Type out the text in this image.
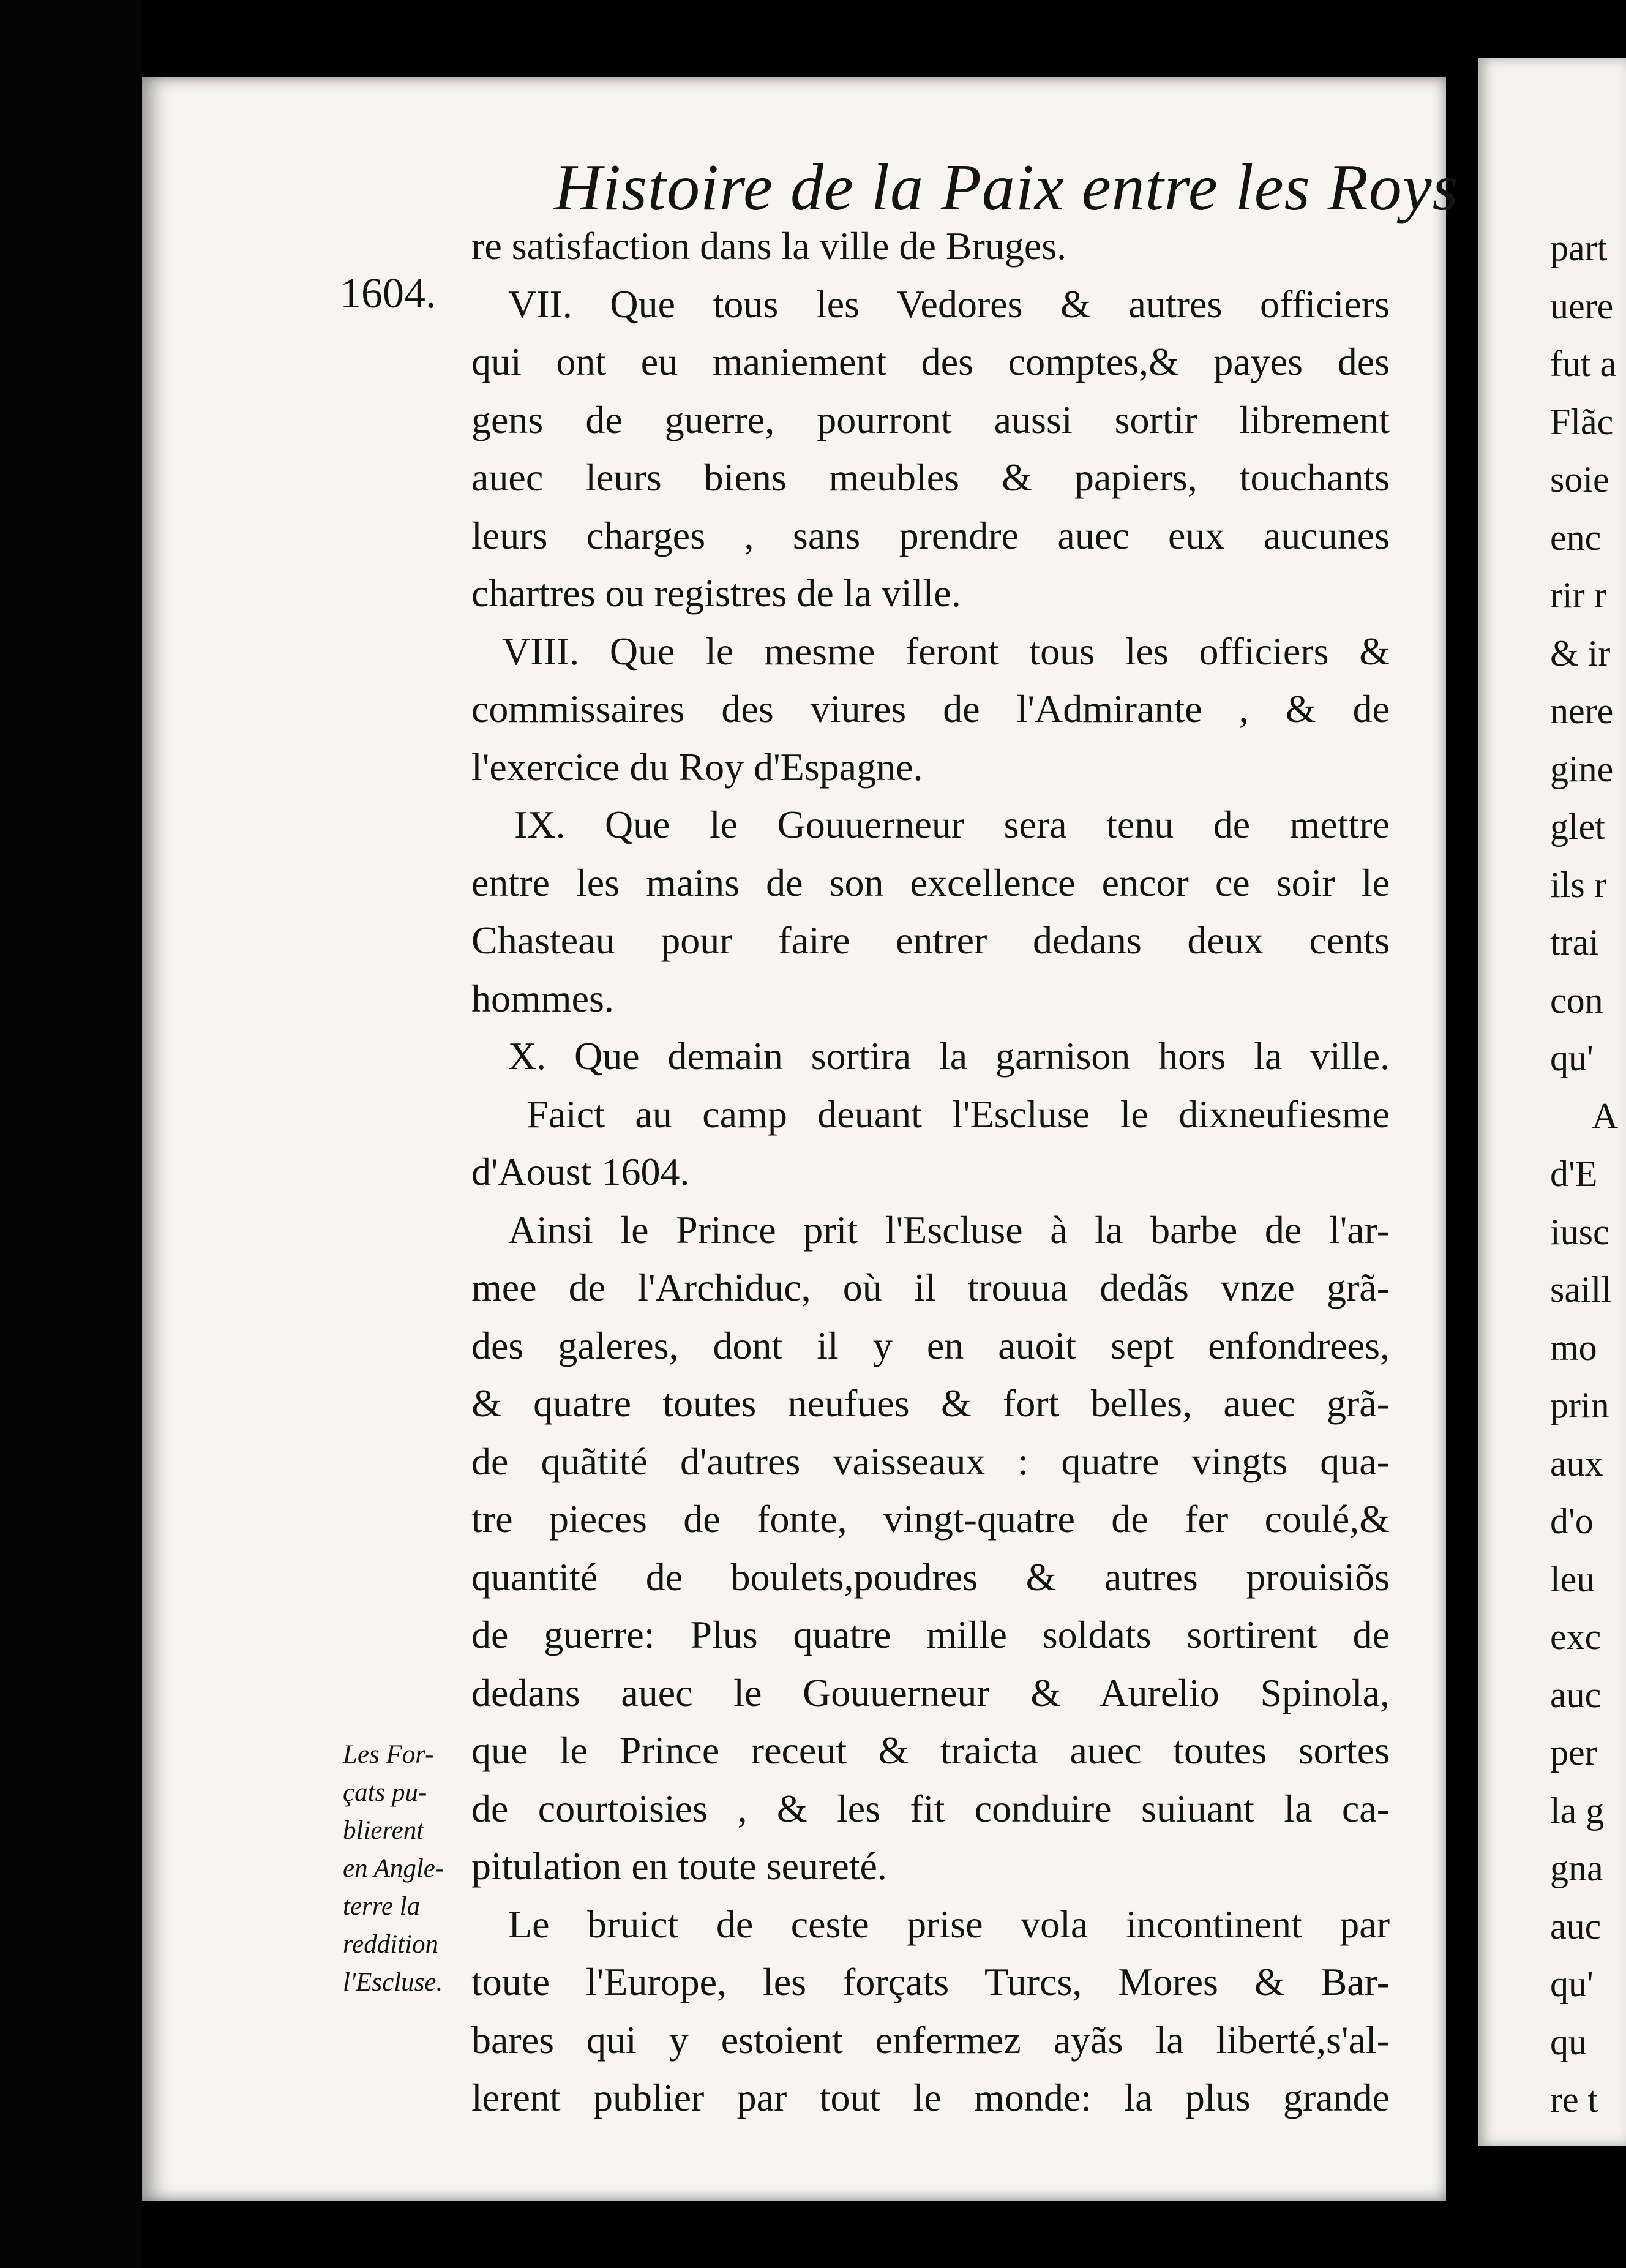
Histoire de la Paix entre les Roys
1604.
re satisfaction dans la ville de Bruges.
VII. Que tous les Vedores & autres officiers
qui ont eu maniement des comptes,& payes des
gens de guerre, pourront aussi sortir librement
auec leurs biens meubles & papiers, touchants
leurs charges , sans prendre auec eux aucunes
chartres ou registres de la ville.
VIII. Que le mesme feront tous les officiers &
commissaires des viures de l'Admirante , & de
l'exercice du Roy d'Espagne.
IX. Que le Gouuerneur sera tenu de mettre
entre les mains de son excellence encor ce soir le
Chasteau pour faire entrer dedans deux cents
hommes.
X. Que demain sortira la garnison hors la ville.
Faict au camp deuant l'Escluse le dixneufiesme
d'Aoust 1604.
Ainsi le Prince prit l'Escluse à la barbe de l'ar-
mee de l'Archiduc, où il trouua dedãs vnze grã-
des galeres, dont il y en auoit sept enfondrees,
& quatre toutes neufues & fort belles, auec grã-
de quãtité d'autres vaisseaux : quatre vingts qua-
tre pieces de fonte, vingt-quatre de fer coulé,&
quantité de boulets,poudres & autres prouisiõs
de guerre: Plus quatre mille soldats sortirent de
dedans auec le Gouuerneur & Aurelio Spinola,
que le Prince receut & traicta auec toutes sortes
de courtoisies , & les fit conduire suiuant la ca-
pitulation en toute seureté.
Le bruict de ceste prise vola incontinent par
toute l'Europe, les forçats Turcs, Mores & Bar-
bares qui y estoient enfermez ayãs la liberté,s'al-
lerent publier par tout le monde: la plus grande
Les For-
çats pu-
blierent
en Angle-
terre la
reddition
l'Escluse.
part
uere
fut a
Flãc
soie
enc
rir r
& ir
nere
gine
glet
ils r
trai
con
qu'
A
d'E
iusc
saill
mo
prin
aux
d'o
leu
exc
auc
per
la g
gna
auc
qu'
qu
re t
